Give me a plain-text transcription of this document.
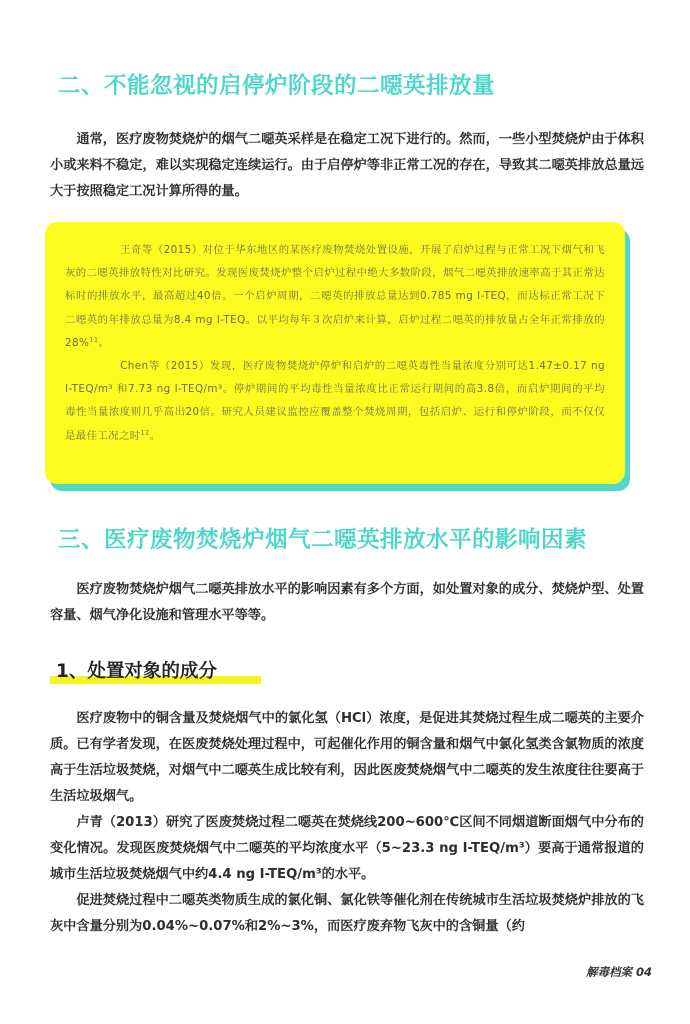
二、不能忽视的启停炉阶段的二噁英排放量

通常，医疗废物焚烧炉的烟气二噁英采样是在稳定工况下进行的。然而，一些小型焚烧炉由于体积小或来料不稳定，难以实现稳定连续运行。由于启停炉等非正常工况的存在，导致其二噁英排放总量远大于按照稳定工况计算所得的量。

王奇等（2015）对位于华东地区的某医疗废物焚烧处置设施，开展了启炉过程与正常工况下烟气和飞灰的二噁英排放特性对比研究。发现医废焚烧炉整个启炉过程中绝大多数阶段，烟气二噁英排放速率高于其正常达标时的排放水平，最高超过40倍。一个启炉周期，二噁英的排放总量达到0.785 mg I-TEQ，而达标正常工况下二噁英的年排放总量为8.4 mg I-TEQ。以平均每年３次启炉来计算，启炉过程二噁英的排放量占全年正常排放的28%$^{11}$。

Chen等（2015）发现，医疗废物焚烧炉停炉和启炉的二噁英毒性当量浓度分别可达1.47±0.17 ng I-TEQ/m³ 和7.73 ng I-TEQ/m³。停炉期间的平均毒性当量浓度比正常运行期间的高3.8倍，而启炉期间的平均毒性当量浓度则几乎高出20倍。研究人员建议监控应覆盖整个焚烧周期，包括启炉、运行和停炉阶段，而不仅仅是最佳工况之时$^{12}$。

三、医疗废物焚烧炉烟气二噁英排放水平的影响因素

医疗废物焚烧炉烟气二噁英排放水平的影响因素有多个方面，如处置对象的成分、焚烧炉型、处置容量、烟气净化设施和管理水平等等。

1、处置对象的成分

医疗废物中的铜含量及焚烧烟气中的氯化氢（HCl）浓度，是促进其焚烧过程生成二噁英的主要介质。已有学者发现，在医废焚烧处理过程中，可起催化作用的铜含量和烟气中氯化氢类含氯物质的浓度高于生活垃圾焚烧，对烟气中二噁英生成比较有利，因此医废焚烧烟气中二噁英的发生浓度往往要高于生活垃圾烟气。

卢青（2013）研究了医废焚烧过程二噁英在焚烧线200~600℃区间不同烟道断面烟气中分布的变化情况。发现医废焚烧烟气中二噁英的平均浓度水平（5~23.3 ng I-TEQ/m³）要高于通常报道的城市生活垃圾焚烧烟气中约4.4 ng I-TEQ/m³的水平。

促进焚烧过程中二噁英类物质生成的氯化铜、氯化铁等催化剂在传统城市生活垃圾焚烧炉排放的飞灰中含量分别为0.04%~0.07%和2%~3%，而医疗废弃物飞灰中的含铜量（约

解毒档案 04
